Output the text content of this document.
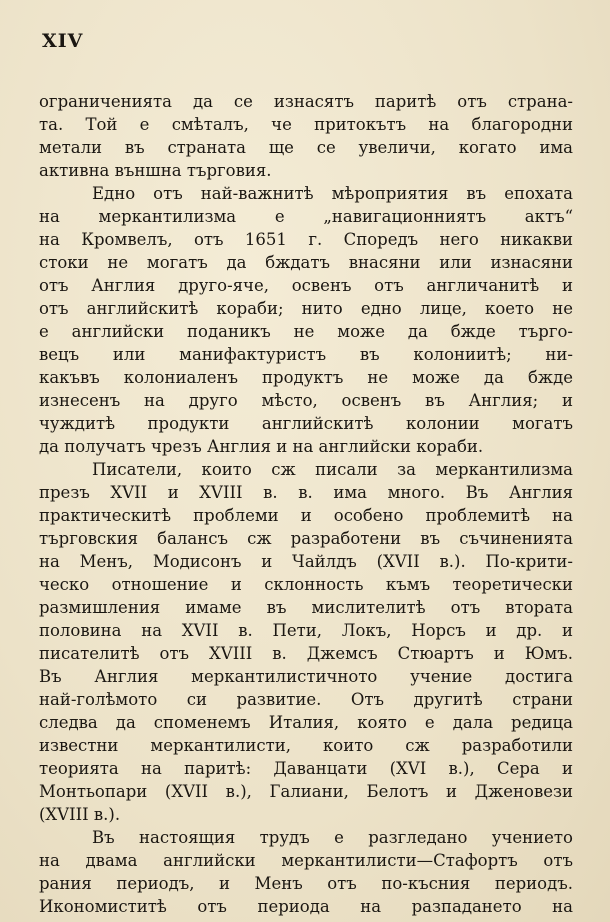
XIV
ограниченията да се изнасятъ паритѣ отъ страна-
та. Той е смѣталъ, че притокътъ на благородни
метали въ страната ще се увеличи, когато има
активна външна търговия.
Едно отъ най-важнитѣ мѣроприятия въ епохата
на меркантилизма е „навигационниятъ актъ“
на Кромвелъ, отъ 1651 г. Споредъ него никакви
стоки не могатъ да бждатъ внасяни или изнасяни
отъ Англия друго-яче, освенъ отъ англичанитѣ и
отъ английскитѣ кораби; нито едно лице, което не
е английски поданикъ не може да бжде търго-
вецъ или манифактуристъ въ колониитѣ; ни-
какъвъ колониаленъ продуктъ не може да бжде
изнесенъ на друго мѣсто, освенъ въ Англия; и
чуждитѣ продукти английскитѣ колонии могатъ
да получатъ чрезъ Англия и на английски кораби.
Писатели, които сж писали за меркантилизма
презъ XVII и XVIII в. в. има много. Въ Англия
практическитѣ проблеми и особено проблемитѣ на
търговския балансъ сж разработени въ съчиненията
на Менъ, Модисонъ и Чайлдъ (XVII в.). По-крити-
ческо отношение и склонность къмъ теоретически
размишления имаме въ мислителитѣ отъ втората
половина на XVII в. Пети, Локъ, Норсъ и др. и
писателитѣ отъ XVIII в. Джемсъ Стюартъ и Юмъ.
Въ Англия меркантилистичното учение достига
най-голѣмото си развитие. Отъ другитѣ страни
следва да споменемъ Италия, която е дала редица
известни меркантилисти, които сж разработили
теорията на паритѣ: Даванцати (XVI в.), Сера и
Монтьопари (XVII в.), Галиани, Белотъ и Дженовези
(XVIII в.).
Въ настоящия трудъ е разгледано учението
на двама английски меркантилисти—Стафортъ отъ
рания периодъ, и Менъ отъ по-късния периодъ.
Икономиститѣ отъ периода на разпадането на
